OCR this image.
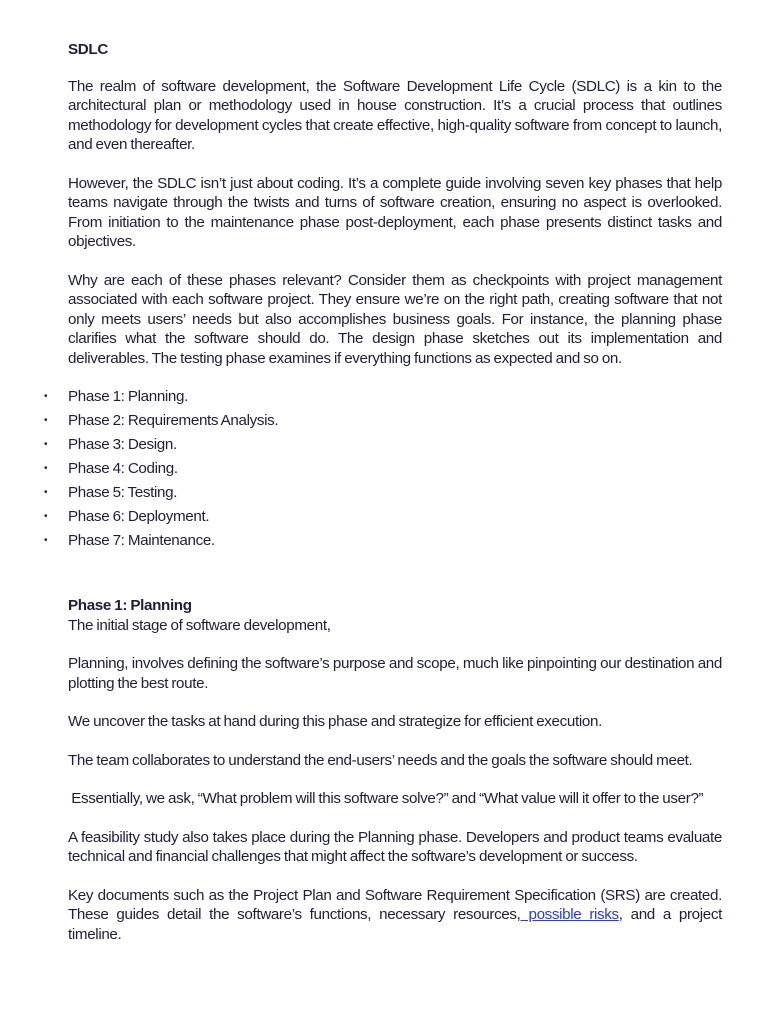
SDLC

The realm of software development, the Software Development Life Cycle (SDLC) is a kin to the architectural plan or methodology used in house construction. It’s a crucial process that outlines methodology for development cycles that create effective, high-quality software from concept to launch, and even thereafter.

However, the SDLC isn’t just about coding. It’s a complete guide involving seven key phases that help teams navigate through the twists and turns of software creation, ensuring no aspect is overlooked. From initiation to the maintenance phase post-deployment, each phase presents distinct tasks and objectives.

Why are each of these phases relevant? Consider them as checkpoints with project management associated with each software project. They ensure we’re on the right path, creating software that not only meets users’ needs but also accomplishes business goals. For instance, the planning phase clarifies what the software should do. The design phase sketches out its implementation and deliverables. The testing phase examines if everything functions as expected and so on.

• Phase 1: Planning.
• Phase 2: Requirements Analysis.
• Phase 3: Design.
• Phase 4: Coding.
• Phase 5: Testing.
• Phase 6: Deployment.
• Phase 7: Maintenance.
Phase 1: Planning
The initial stage of software development,

Planning, involves defining the software’s purpose and scope, much like pinpointing our destination and plotting the best route.

We uncover the tasks at hand during this phase and strategize for efficient execution.

The team collaborates to understand the end-users’ needs and the goals the software should meet.

Essentially, we ask, “What problem will this software solve?” and “What value will it offer to the user?”

A feasibility study also takes place during the Planning phase. Developers and product teams evaluate technical and financial challenges that might affect the software’s development or success.

Key documents such as the Project Plan and Software Requirement Specification (SRS) are created. These guides detail the software’s functions, necessary resources, possible risks, and a project timeline.
